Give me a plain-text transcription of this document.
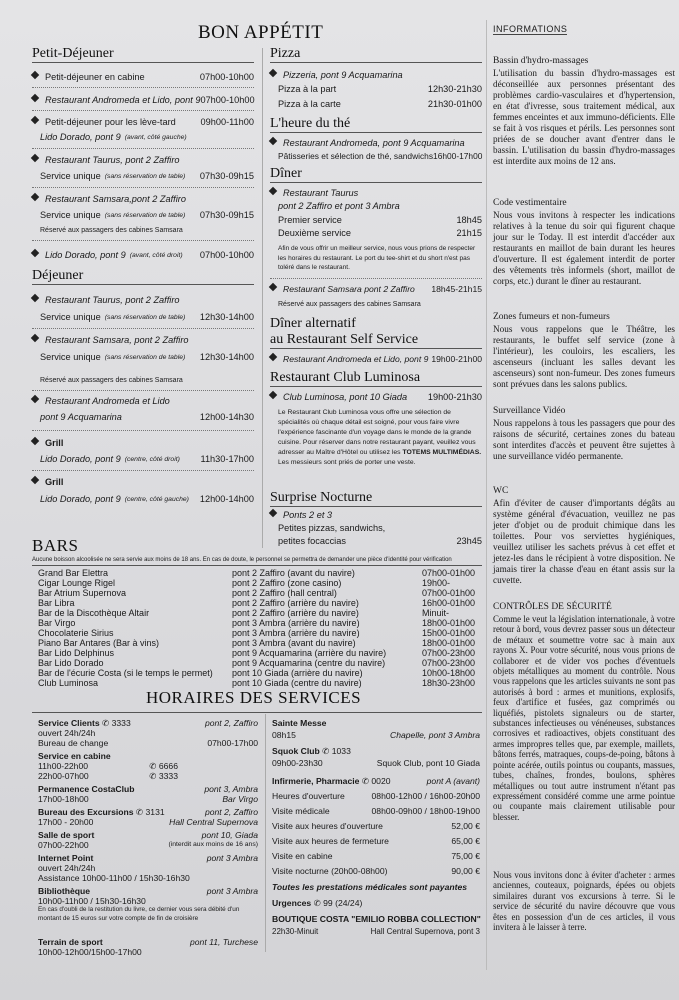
BON APPÉTIT
Petit-Déjeuner
Petit-déjeuner en cabine	07h00-10h00
Restaurant Andromeda et Lido, pont 9 07h00-10h00
Petit-déjeuner pour les lève-tard	09h00-11h00
Lido Dorado, pont 9 (avant, côté gauche)
Restaurant Taurus, pont 2 Zaffiro
Service unique (sans réservation de table) 07h30-09h15
Restaurant Samsara,pont 2 Zaffiro
Service unique (sans réservation de table) 07h30-09h15
Réservé aux passagers des cabines Samsara
Lido Dorado, pont 9 (avant, côté droit) 07h00-10h00
Déjeuner
Restaurant Taurus, pont 2 Zaffiro
Service unique (sans réservation de table) 12h30-14h00
Restaurant Samsara, pont 2 Zaffiro
Service unique (sans réservation de table) 12h30-14h00
Réservé aux passagers des cabines Samsara
Restaurant Andromeda et Lido
pont 9 Acquamarina	12h00-14h30
Grill
Lido Dorado, pont 9 (centre, côté droit) 11h30-17h00
Grill
Lido Dorado, pont 9 (centre, côté gauche) 12h00-14h00
Pizza
Pizzeria, pont 9 Acquamarina
Pizza à la part	12h30-21h30
Pizza à la carte	21h30-01h00
L'heure du thé
Restaurant Andromeda, pont 9 Acquamarina
Pâtisseries et sélection de thé, sandwichs 16h00-17h00
Dîner
Restaurant Taurus
pont 2 Zaffiro et pont 3 Ambra
Premier service	18h45
Deuxième service	21h15
Afin de vous offrir un meilleur service, nous vous prions de respecter les horaires du restaurant. Le port du tee-shirt et du short n'est pas toléré dans le restaurant.
Restaurant Samsara pont 2 Zaffiro 18h45-21h15
Réservé aux passagers des cabines Samsara
Dîner alternatif
au Restaurant Self Service
Restaurant Andromeda et Lido, pont 9 19h00-21h00
Restaurant Club Luminosa
Club Luminosa, pont 10 Giada 19h00-21h30
Le Restaurant Club Luminosa vous offre une sélection de spécialités où chaque détail est soigné, pour vous faire vivre l'expérience fascinante d'un voyage dans le monde de la grande cuisine. Pour réserver dans notre restaurant payant, veuillez vous adresser au Maître d'Hôtel ou utilisez les TOTEMS MULTIMÉDIAS. Les messieurs sont priés de porter une veste.
Surprise Nocturne
Ponts 2 et 3
Petites pizzas, sandwichs,
petites focaccias	23h45
BARS
Aucune boisson alcoolisée ne sera servie aux moins de 18 ans. En cas de doute, le personnel se permettra de demander une pièce d'identité pour vérification
Grand Bar Elettra	pont 2 Zaffiro (avant du navire)	07h00-01h00
Cigar Lounge Rigel	pont 2 Zaffiro (zone casino)	19h00-
Bar Atrium Supernova	pont 2 Zaffiro (hall central)	07h00-01h00
Bar Libra	pont 2 Zaffiro (arrière du navire)	16h00-01h00
Bar de la Discothèque Altair	pont 2 Zaffiro (arrière du navire)	Minuit-
Bar Virgo	pont 3 Ambra (arrière du navire)	18h00-01h00
Chocolaterie Sirius	pont 3 Ambra (arrière du navire)	15h00-01h00
Piano Bar Antares (Bar à vins)	pont 3 Ambra (avant du navire)	18h00-01h00
Bar Lido Delphinus	pont 9 Acquamarina (arrière du navire)	07h00-23h00
Bar Lido Dorado	pont 9 Acquamarina (centre du navire)	07h00-23h00
Bar de l'écurie Costa (si le temps le permet) pont 10 Giada (arrière du navire)	10h00-18h00
Club Luminosa	pont 10 Giada (centre du navire)	18h30-23h00
HORAIRES DES SERVICES
Service Clients ✆ 3333	pont 2, Zaffiro
ouvert 24h/24h
Bureau de change	07h00-17h00
Service en cabine
11h00-22h00	✆ 6666
22h00-07h00	✆ 3333
Permanence CostaClub	pont 3, Ambra
17h00-18h00	Bar Virgo
Bureau des Excursions ✆ 3131	pont 2, Zaffiro
17h00 - 20h00	Hall Central Supernova
Salle de sport	pont 10, Giada
07h00-22h00	(interdit aux moins de 16 ans)
Internet Point	pont 3 Ambra
ouvert 24h/24h
Assistance 10h00-11h00 / 15h30-16h30
Bibliothèque	pont 3 Ambra
10h00-11h00 / 15h30-16h30
En cas d'oubli de la restitution du livre, ce dernier vous sera débité d'un montant de 15 euros sur votre compte de fin de croisière
Terrain de sport	pont 11, Turchese
10h00-12h00/15h00-17h00
Sainte Messe
08h15	Chapelle, pont 3 Ambra
Squok Club ✆ 1033
09h00-23h30	Squok Club, pont 10 Giada
Infirmerie, Pharmacie ✆ 0020	pont A (avant)
Heures d'ouverture	08h00-12h00 / 16h00-20h00
Visite médicale	08h00-09h00 / 18h00-19h00
Visite aux heures d'ouverture	52,00 €
Visite aux heures de fermeture	65,00 €
Visite en cabine	75,00 €
Visite nocturne (20h00-08h00)	90,00 €
Toutes les prestations médicales sont payantes
Urgences ✆ 99 (24/24)
BOUTIQUE COSTA "EMILIO ROBBA COLLECTION"
22h30-Minuit	Hall Central Supernova, pont 3
INFORMATIONS
Bassin d'hydro-massages
L'utilisation du bassin d'hydro-massages est déconseillée aux personnes présentant des problèmes cardio-vasculaires et d'hypertension, en état d'ivresse, sous traitement médical, aux femmes enceintes et aux immuno-déficients. Elle se fait à vos risques et périls. Les personnes sont priées de se doucher avant d'entrer dans le bassin. L'utilisation du bassin d'hydro-massages est interdite aux moins de 12 ans.
Code vestimentaire
Nous vous invitons à respecter les indications relatives à la tenue du soir qui figurent chaque jour sur le Today. Il est interdit d'accéder aux restaurants en maillot de bain durant les heures d'ouverture. Il est également interdit de porter des vêtements très informels (short, maillot de corps, etc.) durant le dîner au restaurant.
Zones fumeurs et non-fumeurs
Nous vous rappelons que le Théâtre, les restaurants, le buffet self service (zone à l'intérieur), les couloirs, les escaliers, les ascenseurs (incluant les salles devant les ascenseurs) sont non-fumeur. Des zones fumeurs sont prévues dans les salons publics.
Surveillance Vidéo
Nous rappelons à tous les passagers que pour des raisons de sécurité, certaines zones du bateau sont interdites d'accès et peuvent être sujettes à une surveillance vidéo permanente.
WC
Afin d'éviter de causer d'importants dégâts au système général d'évacuation, veuillez ne pas jeter d'objet ou de produit chimique dans les toilettes. Pour vos serviettes hygiéniques, veuillez utiliser les sachets prévus à cet effet et jetez-les dans le récipient à votre disposition. Ne jamais tirer la chasse d'eau en étant assis sur la cuvette.
CONTRÔLES DE SÉCURITÉ
Comme le veut la législation internationale, à votre retour à bord, vous devrez passer sous un détecteur de métaux et soumettre votre sac à main aux rayons X. Pour votre sécurité, nous vous prions de collaborer et de vider vos poches d'éventuels objets métalliques au moment du contrôle. Nous vous rappelons que les articles suivants ne sont pas autorisés à bord : armes et munitions, explosifs, feux d'artifice et fusées, gaz comprimés ou liquéfiés, pistolets signaleurs ou de starter, substances infectieuses ou vénéneuses, substances corrosives et radioactives, objets constituant des armes impropres telles que, par exemple, maillets, bâtons ferrés, matraques, coups-de-poing, bâtons à pointe acérée, outils pointus ou coupants, massues, tubes, chaînes, frondes, boulons, sphères métalliques ou tout autre instrument n'étant pas expressément considéré comme une arme pointue ou coupante mais clairement utilisable pour blesser.
Nous vous invitons donc à éviter d'acheter : armes anciennes, couteaux, poignards, épées ou objets similaires durant vos excursions à terre. Si le service de sécurité du navire découvre que vous êtes en possession d'un de ces articles, il vous invitera à le laisser à terre.
